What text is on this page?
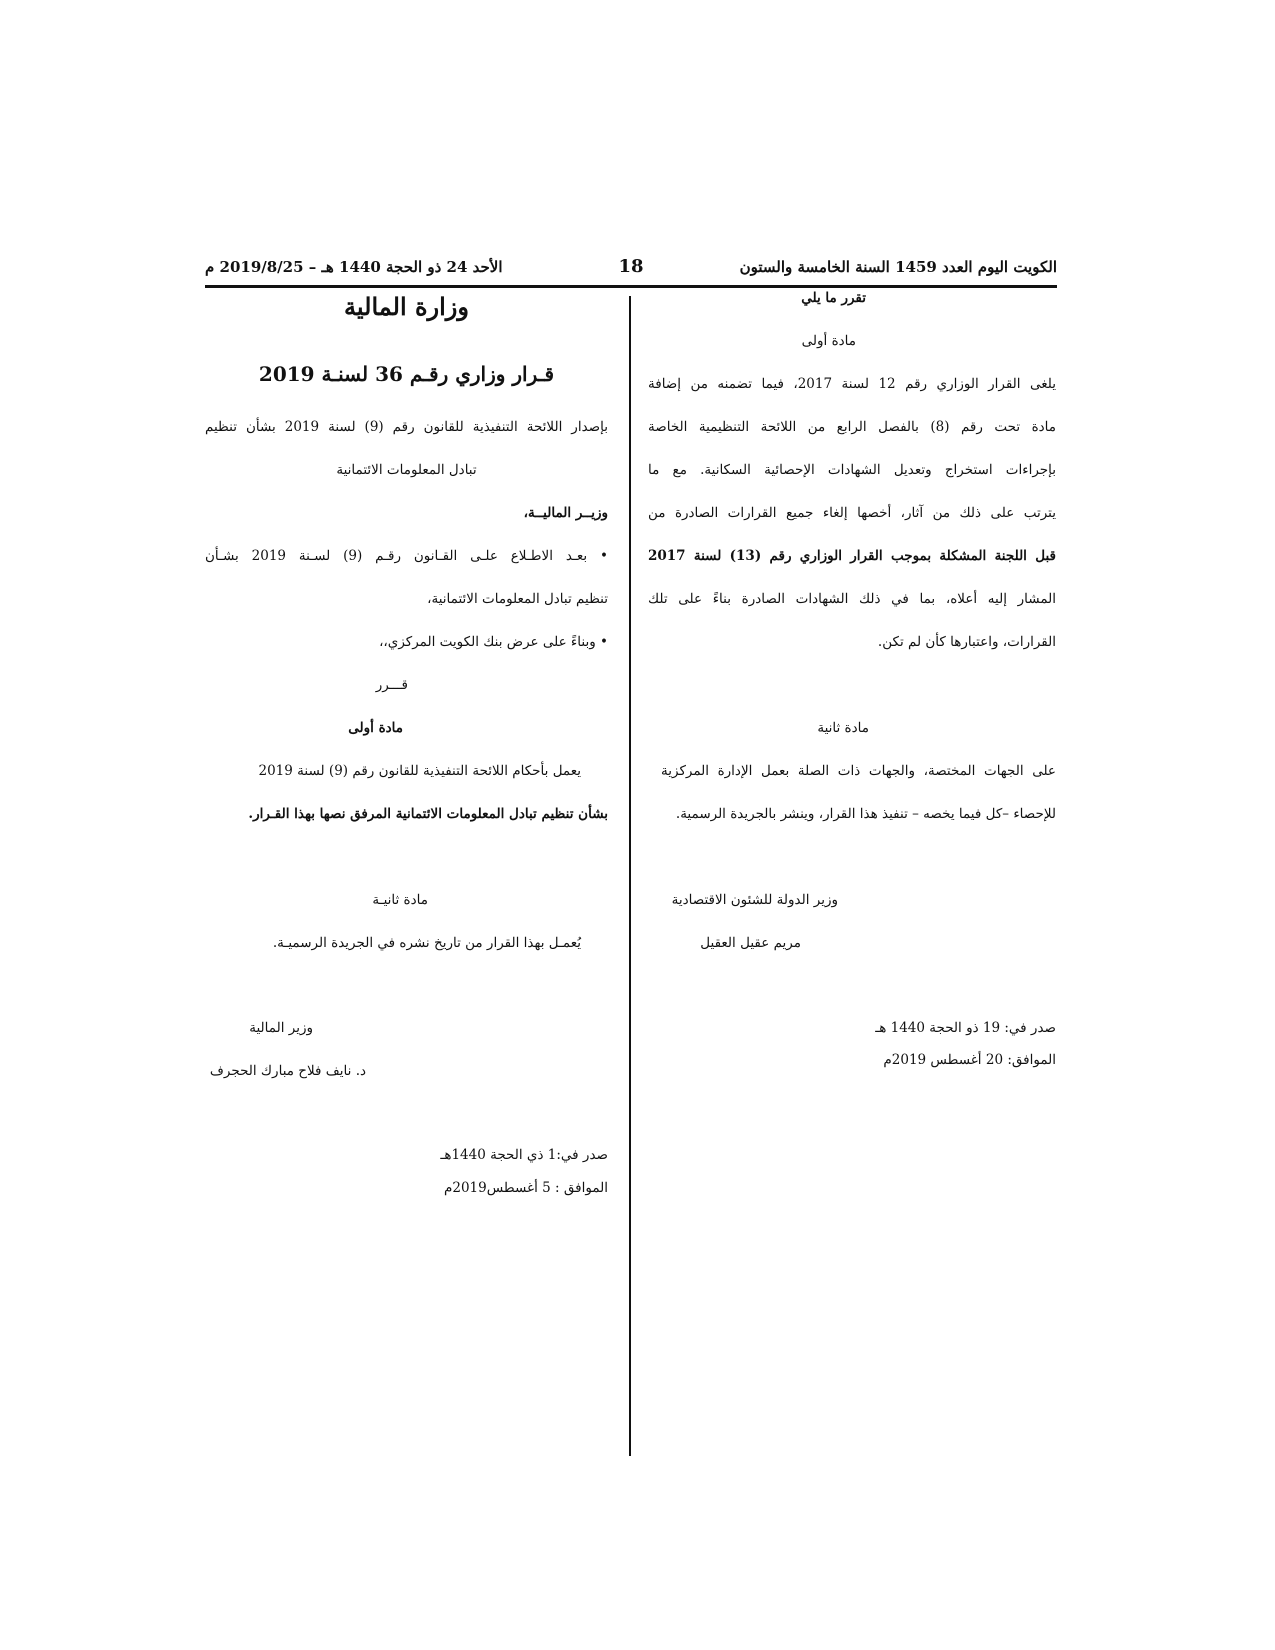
الكويت اليوم العدد 1459 السنة الخامسة والستون
18
الأحد 24 ذو الحجة 1440 هـ – 2019/8/25 م
تقرر ما يلي
مادة أولى
يلغى القرار الوزاري رقم 12 لسنة 2017، فيما تضمنه من إضافة
مادة تحت رقم (8) بالفصل الرابع من اللائحة التنظيمية الخاصة
بإجراءات استخراج وتعديل الشهادات الإحصائية السكانية. مع ما
يترتب على ذلك من آثار، أخصها إلغاء جميع القرارات الصادرة من
قبل اللجنة المشكلة بموجب القرار الوزاري رقم (13) لسنة 2017
المشار إليه أعلاه، بما في ذلك الشهادات الصادرة بناءً على تلك
القرارات، واعتبارها كأن لم تكن.
مادة ثانية
على الجهات المختصة، والجهات ذات الصلة بعمل الإدارة المركزية
للإحصاء –كل فيما يخصه – تنفيذ هذا القرار، وينشر بالجريدة الرسمية.
وزير الدولة للشئون الاقتصادية
مريم عقيل العقيل
صدر في: 19 ذو الحجة 1440 هـ
الموافق: 20 أغسطس 2019م
وزارة المالية
قـرار وزاري رقـم 36 لسنـة 2019
بإصدار اللائحة التنفيذية للقانون رقم (9) لسنة 2019 بشأن تنظيم
تبادل المعلومات الائتمانية
وزيــر الماليــة،
• بعـد الاطـلاع علـى القـانون رقـم (9) لسـنة 2019 بشـأن
تنظيم تبادل المعلومات الائتمانية،
• وبناءً على عرض بنك الكويت المركزي،،
قـــرر
مادة أولى
يعمل بأحكام اللائحة التنفيذية للقانون رقم (9) لسنة 2019
بشأن تنظيم تبادل المعلومات الائتمانية المرفق نصها بهذا القـرار.
مادة ثانيـة
يُعمـل بهذا القرار من تاريخ نشره في الجريدة الرسميـة.
وزير المالية
د. نايف فلاح مبارك الحجرف
صدر في:1 ذي الحجة 1440هـ
الموافق : 5 أغسطس2019م
